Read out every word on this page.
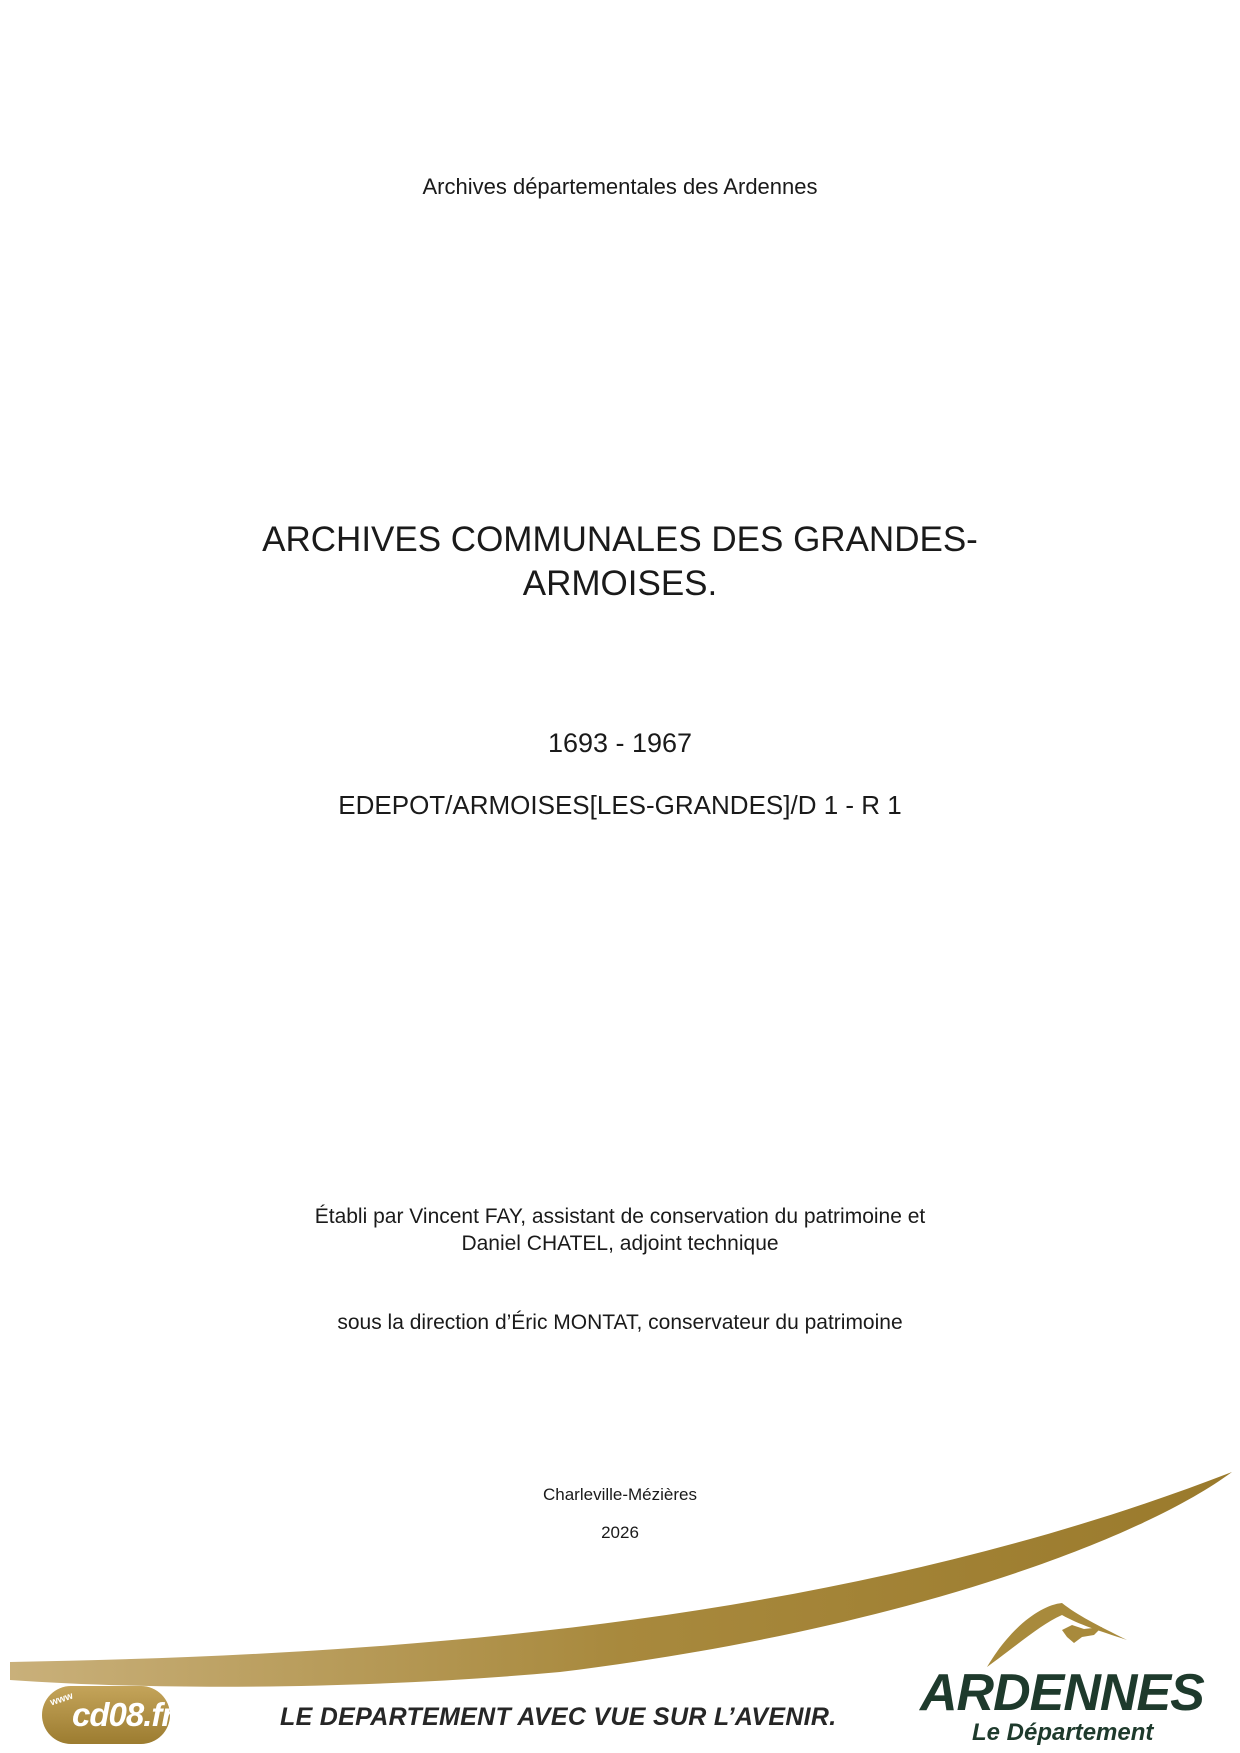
Archives départementales des Ardennes
ARCHIVES COMMUNALES DES GRANDES-
ARMOISES.
1693 - 1967
EDEPOT/ARMOISES[LES-GRANDES]/D 1 - R 1
Établi par Vincent FAY, assistant de conservation du patrimoine et
Daniel CHATEL, adjoint technique
sous la direction d’Éric MONTAT, conservateur du patrimoine
Charleville-Mézières
2026
LE DEPARTEMENT AVEC VUE SUR L’AVENIR.
www
cd08.fr	ARDENNES
Le Département
